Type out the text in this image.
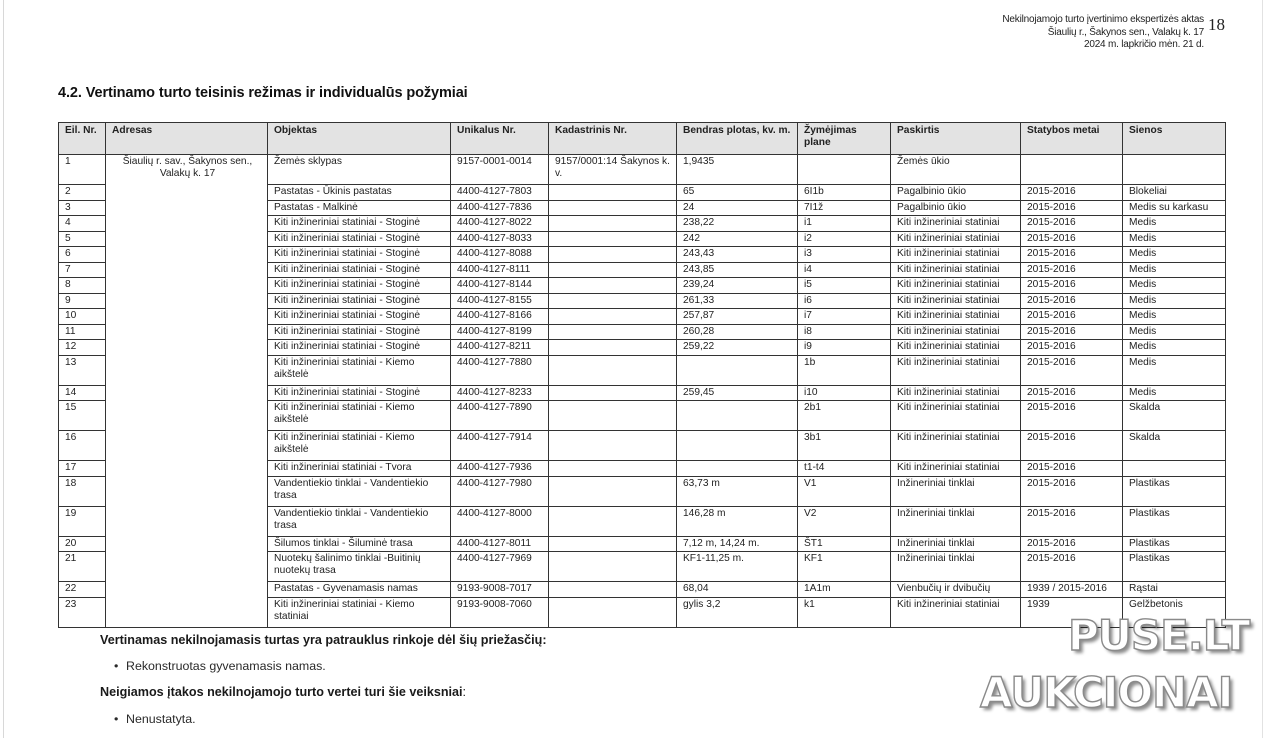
Nekilnojamojo turto įvertinimo ekspertizės aktas
Šiaulių r., Šakynos sen., Valakų k. 17
2024 m. lapkričio mėn. 21 d.
18
4.2. Vertinamo turto teisinis režimas ir individualūs požymiai
Eil. Nr.	Adresas	Objektas	Unikalus Nr.	Kadastrinis Nr.	Bendras plotas, kv. m.	Žymėjimas plane	Paskirtis	Statybos metai	Sienos
1	Šiaulių r. sav., Šakynos sen., Valakų k. 17	Žemės sklypas	9157-0001-0014	9157/0001:14 Šakynos k. v.	1,9435		Žemės ūkio		
2		Pastatas - Ūkinis pastatas	4400-4127-7803		65	6I1b	Pagalbinio ūkio	2015-2016	Blokeliai
3		Pastatas - Malkinė	4400-4127-7836		24	7I1ž	Pagalbinio ūkio	2015-2016	Medis su karkasu
4		Kiti inžineriniai statiniai - Stoginė	4400-4127-8022		238,22	i1	Kiti inžineriniai statiniai	2015-2016	Medis
5		Kiti inžineriniai statiniai - Stoginė	4400-4127-8033		242	i2	Kiti inžineriniai statiniai	2015-2016	Medis
6		Kiti inžineriniai statiniai - Stoginė	4400-4127-8088		243,43	i3	Kiti inžineriniai statiniai	2015-2016	Medis
7		Kiti inžineriniai statiniai - Stoginė	4400-4127-8111		243,85	i4	Kiti inžineriniai statiniai	2015-2016	Medis
8		Kiti inžineriniai statiniai - Stoginė	4400-4127-8144		239,24	i5	Kiti inžineriniai statiniai	2015-2016	Medis
9		Kiti inžineriniai statiniai - Stoginė	4400-4127-8155		261,33	i6	Kiti inžineriniai statiniai	2015-2016	Medis
10		Kiti inžineriniai statiniai - Stoginė	4400-4127-8166		257,87	i7	Kiti inžineriniai statiniai	2015-2016	Medis
11		Kiti inžineriniai statiniai - Stoginė	4400-4127-8199		260,28	i8	Kiti inžineriniai statiniai	2015-2016	Medis
12		Kiti inžineriniai statiniai - Stoginė	4400-4127-8211		259,22	i9	Kiti inžineriniai statiniai	2015-2016	Medis
13		Kiti inžineriniai statiniai - Kiemo aikštelė	4400-4127-7880			1b	Kiti inžineriniai statiniai	2015-2016	Medis
14		Kiti inžineriniai statiniai - Stoginė	4400-4127-8233		259,45	i10	Kiti inžineriniai statiniai	2015-2016	Medis
15		Kiti inžineriniai statiniai - Kiemo aikštelė	4400-4127-7890			2b1	Kiti inžineriniai statiniai	2015-2016	Skalda
16		Kiti inžineriniai statiniai - Kiemo aikštelė	4400-4127-7914			3b1	Kiti inžineriniai statiniai	2015-2016	Skalda
17		Kiti inžineriniai statiniai - Tvora	4400-4127-7936			t1-t4	Kiti inžineriniai statiniai	2015-2016	
18		Vandentiekio tinklai - Vandentiekio trasa	4400-4127-7980		63,73 m	V1	Inžineriniai tinklai	2015-2016	Plastikas
19		Vandentiekio tinklai - Vandentiekio trasa	4400-4127-8000		146,28 m	V2	Inžineriniai tinklai	2015-2016	Plastikas
20		Šilumos tinklai - Šiluminė trasa	4400-4127-8011		7,12 m, 14,24 m.	ŠT1	Inžineriniai tinklai	2015-2016	Plastikas
21		Nuotekų šalinimo tinklai -Buitinių nuotekų trasa	4400-4127-7969		KF1-11,25 m.	KF1	Inžineriniai tinklai	2015-2016	Plastikas
22		Pastatas - Gyvenamasis namas	9193-9008-7017		68,04	1A1m	Vienbučių ir dvibučių	1939 / 2015-2016	Rąstai
23		Kiti inžineriniai statiniai - Kiemo statiniai	9193-9008-7060		gylis 3,2	k1	Kiti inžineriniai statiniai	1939	Gelžbetonis
Vertinamas nekilnojamasis turtas yra patrauklus rinkoje dėl šių priežasčių:
• Rekonstruotas gyvenamasis namas.
Neigiamos įtakos nekilnojamojo turto vertei turi šie veiksniai:
• Nenustatyta.
PUSE.LT
AUKCIONAI
